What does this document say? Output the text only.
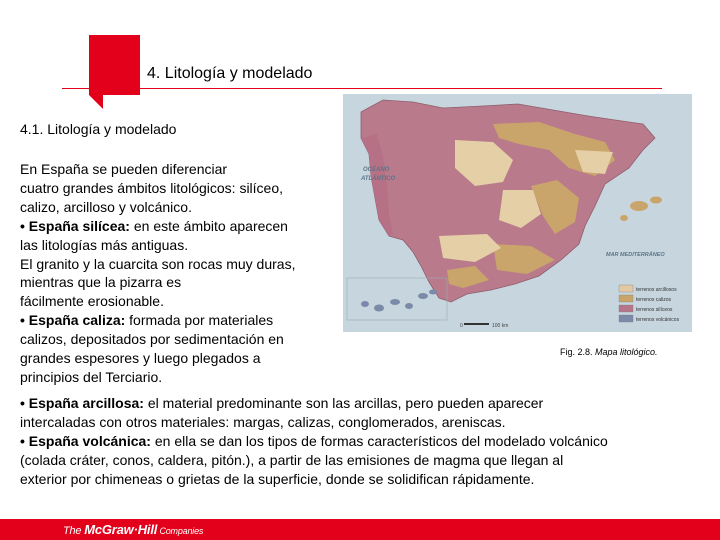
4. Litología y modelado
4.1. Litología y modelado
En España se pueden diferenciar
cuatro grandes ámbitos litológicos: silíceo,
calizo, arcilloso y volcánico.
• España silícea: en este ámbito aparecen
las litologías más antiguas.
El granito y la cuarcita son rocas muy duras,
mientras que la pizarra es
fácilmente erosionable.
• España caliza: formada por materiales
calizos, depositados por sedimentación en
grandes espesores y luego plegados a
principios del Terciario.
• España arcillosa: el material predominante son las arcillas, pero pueden aparecer
intercaladas con otros materiales: margas, calizas, conglomerados, areniscas.
• España volcánica: en ella se dan los tipos de formas característicos del modelado volcánico
(colada cráter, conos, caldera, pitón.), a partir de las emisiones de magma que llegan al
exterior por chimeneas o grietas de la superficie, donde se solidifican rápidamente.
OCÉANO
ATLÁNTICO
MAR MEDITERRÁNEO
terrenos arcillosos
terrenos calizos
terrenos silíceos
terrenos volcánicos
0	100 km
Fig. 2.8. Mapa litológico.
The McGraw·Hill Companies
